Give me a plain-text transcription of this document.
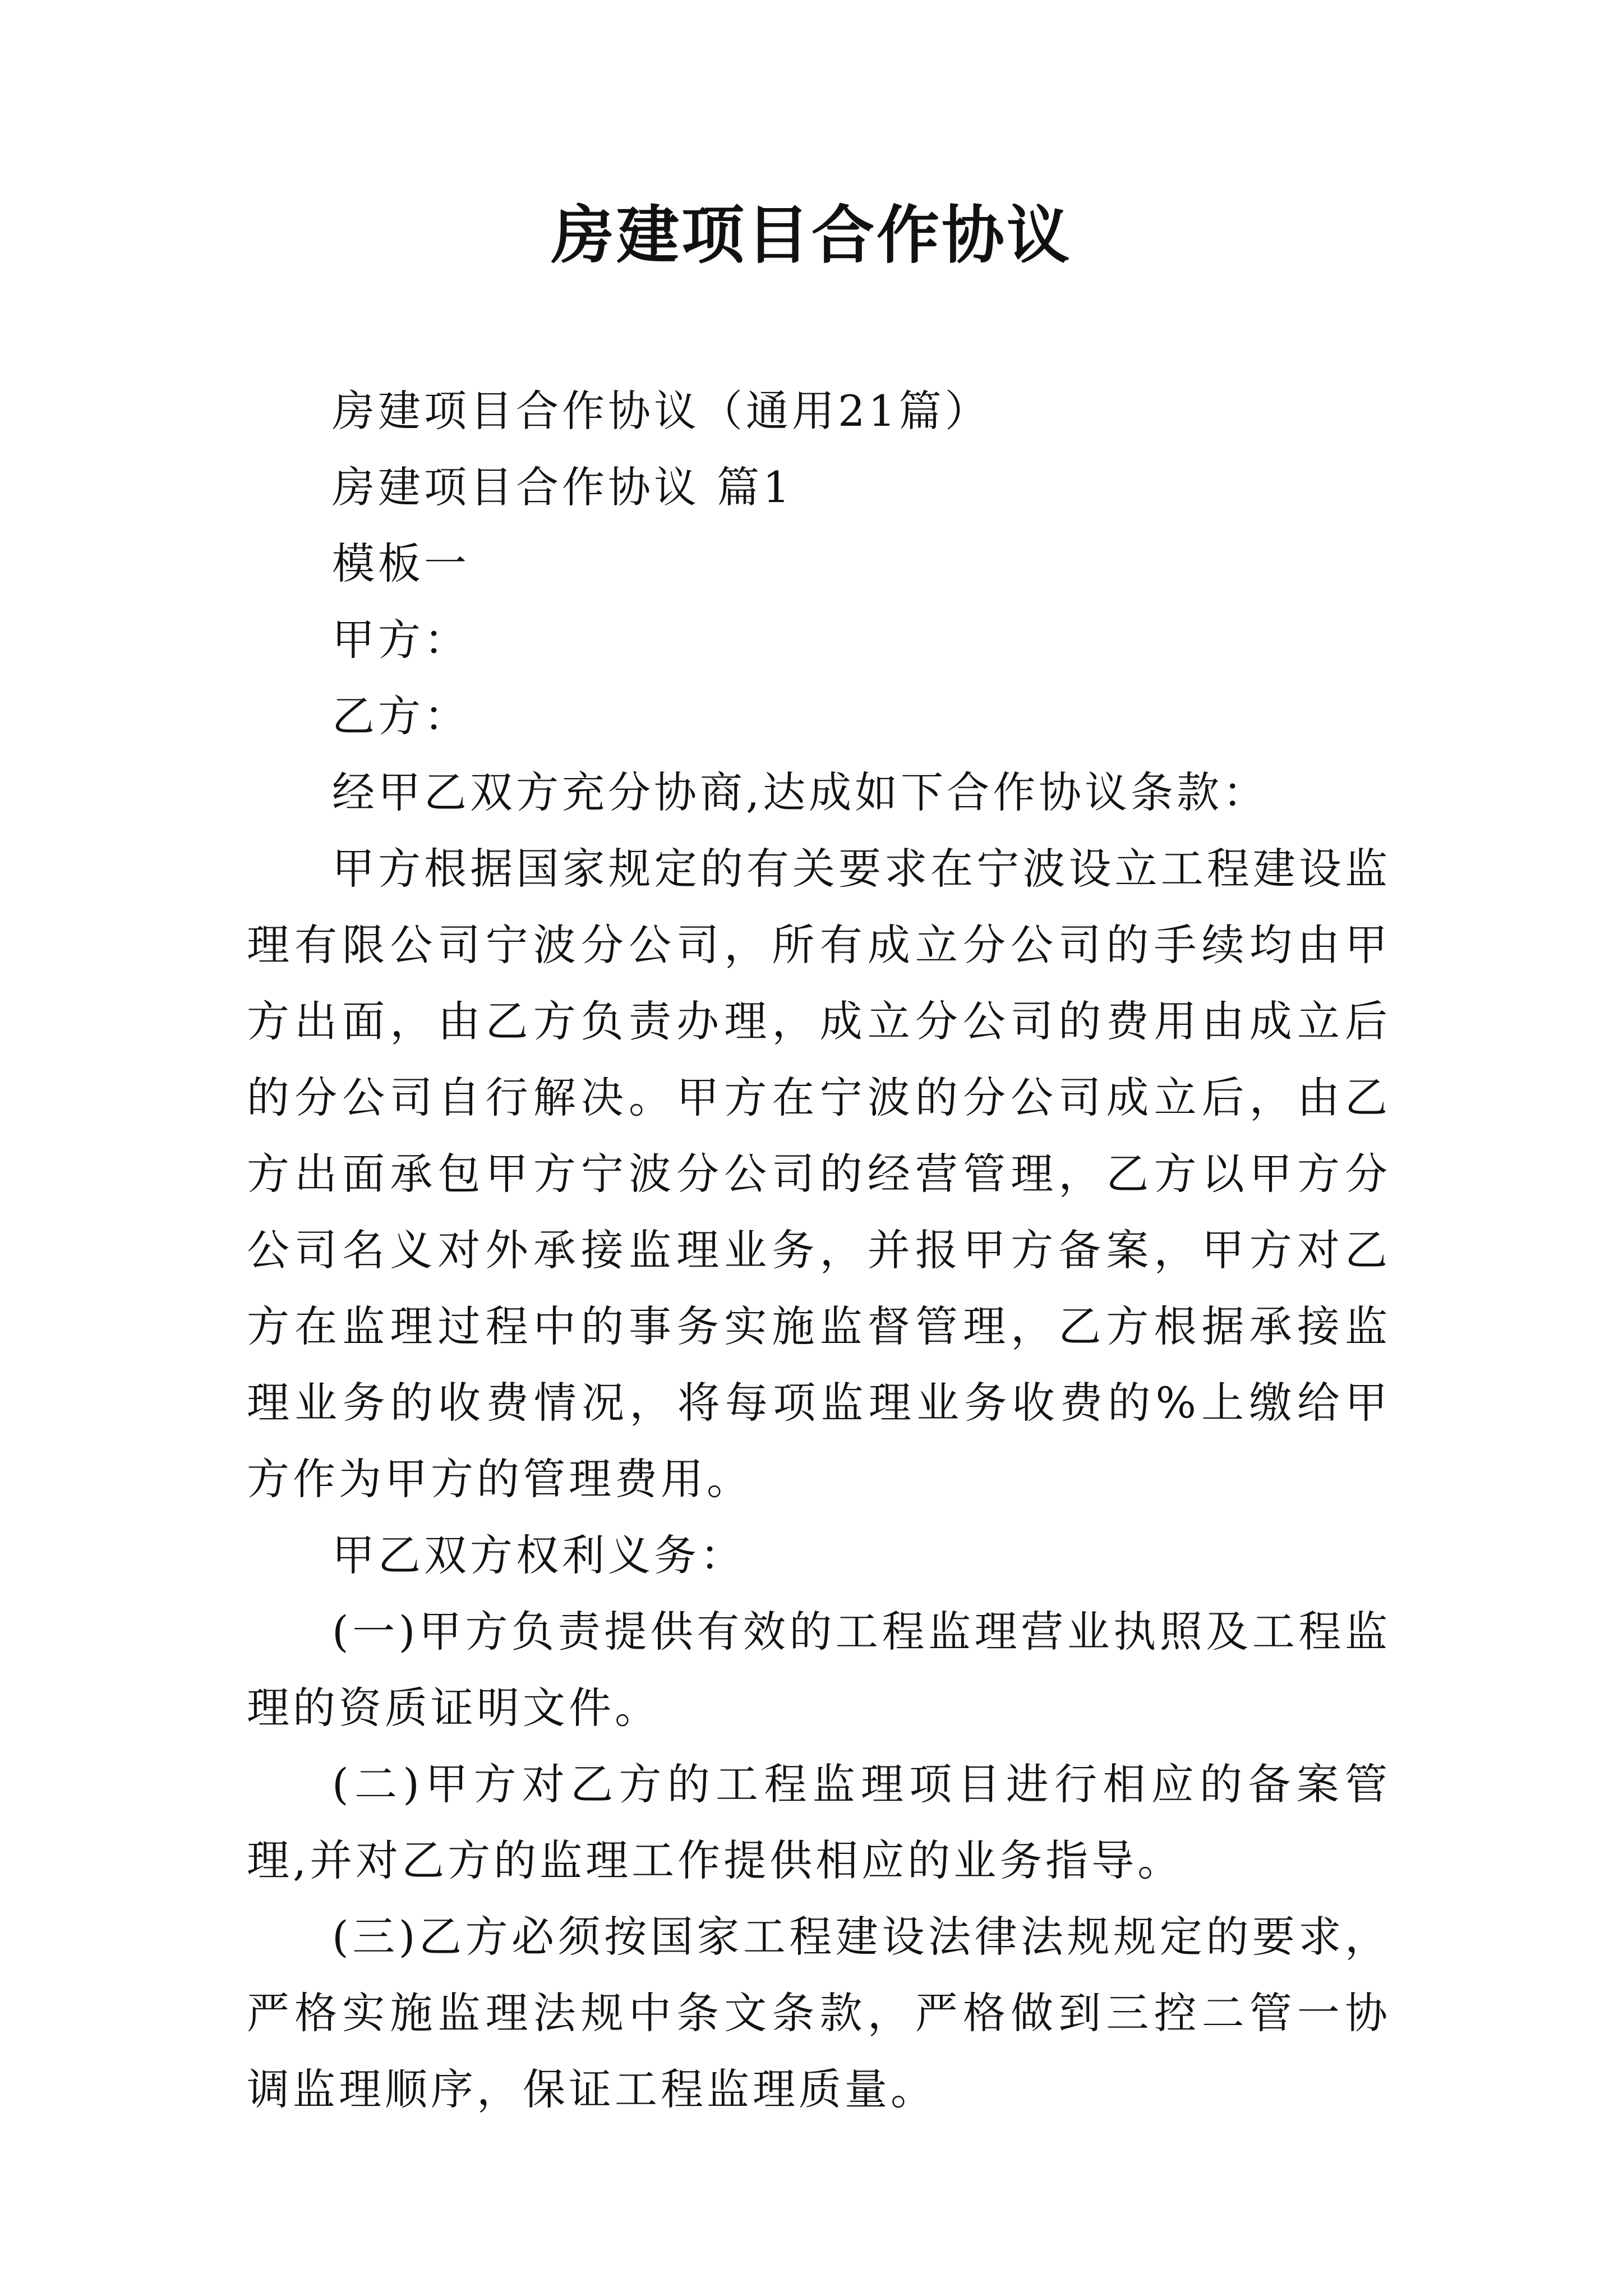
房建项目合作协议

房建项目合作协议（通用21篇）

房建项目合作协议 篇1

模板一

甲方：

乙方：

经甲乙双方充分协商,达成如下合作协议条款：

甲方根据国家规定的有关要求在宁波设立工程建设监理有限公司宁波分公司，所有成立分公司的手续均由甲方出面，由乙方负责办理，成立分公司的费用由成立后的分公司自行解决。甲方在宁波的分公司成立后，由乙方出面承包甲方宁波分公司的经营管理，乙方以甲方分公司名义对外承接监理业务，并报甲方备案，甲方对乙方在监理过程中的事务实施监督管理，乙方根据承接监理业务的收费情况，将每项监理业务收费的%上缴给甲方作为甲方的管理费用。

甲乙双方权利义务：

(一)甲方负责提供有效的工程监理营业执照及工程监理的资质证明文件。

(二)甲方对乙方的工程监理项目进行相应的备案管理,并对乙方的监理工作提供相应的业务指导。

(三)乙方必须按国家工程建设法律法规规定的要求，严格实施监理法规中条文条款，严格做到三控二管一协调监理顺序，保证工程监理质量。
